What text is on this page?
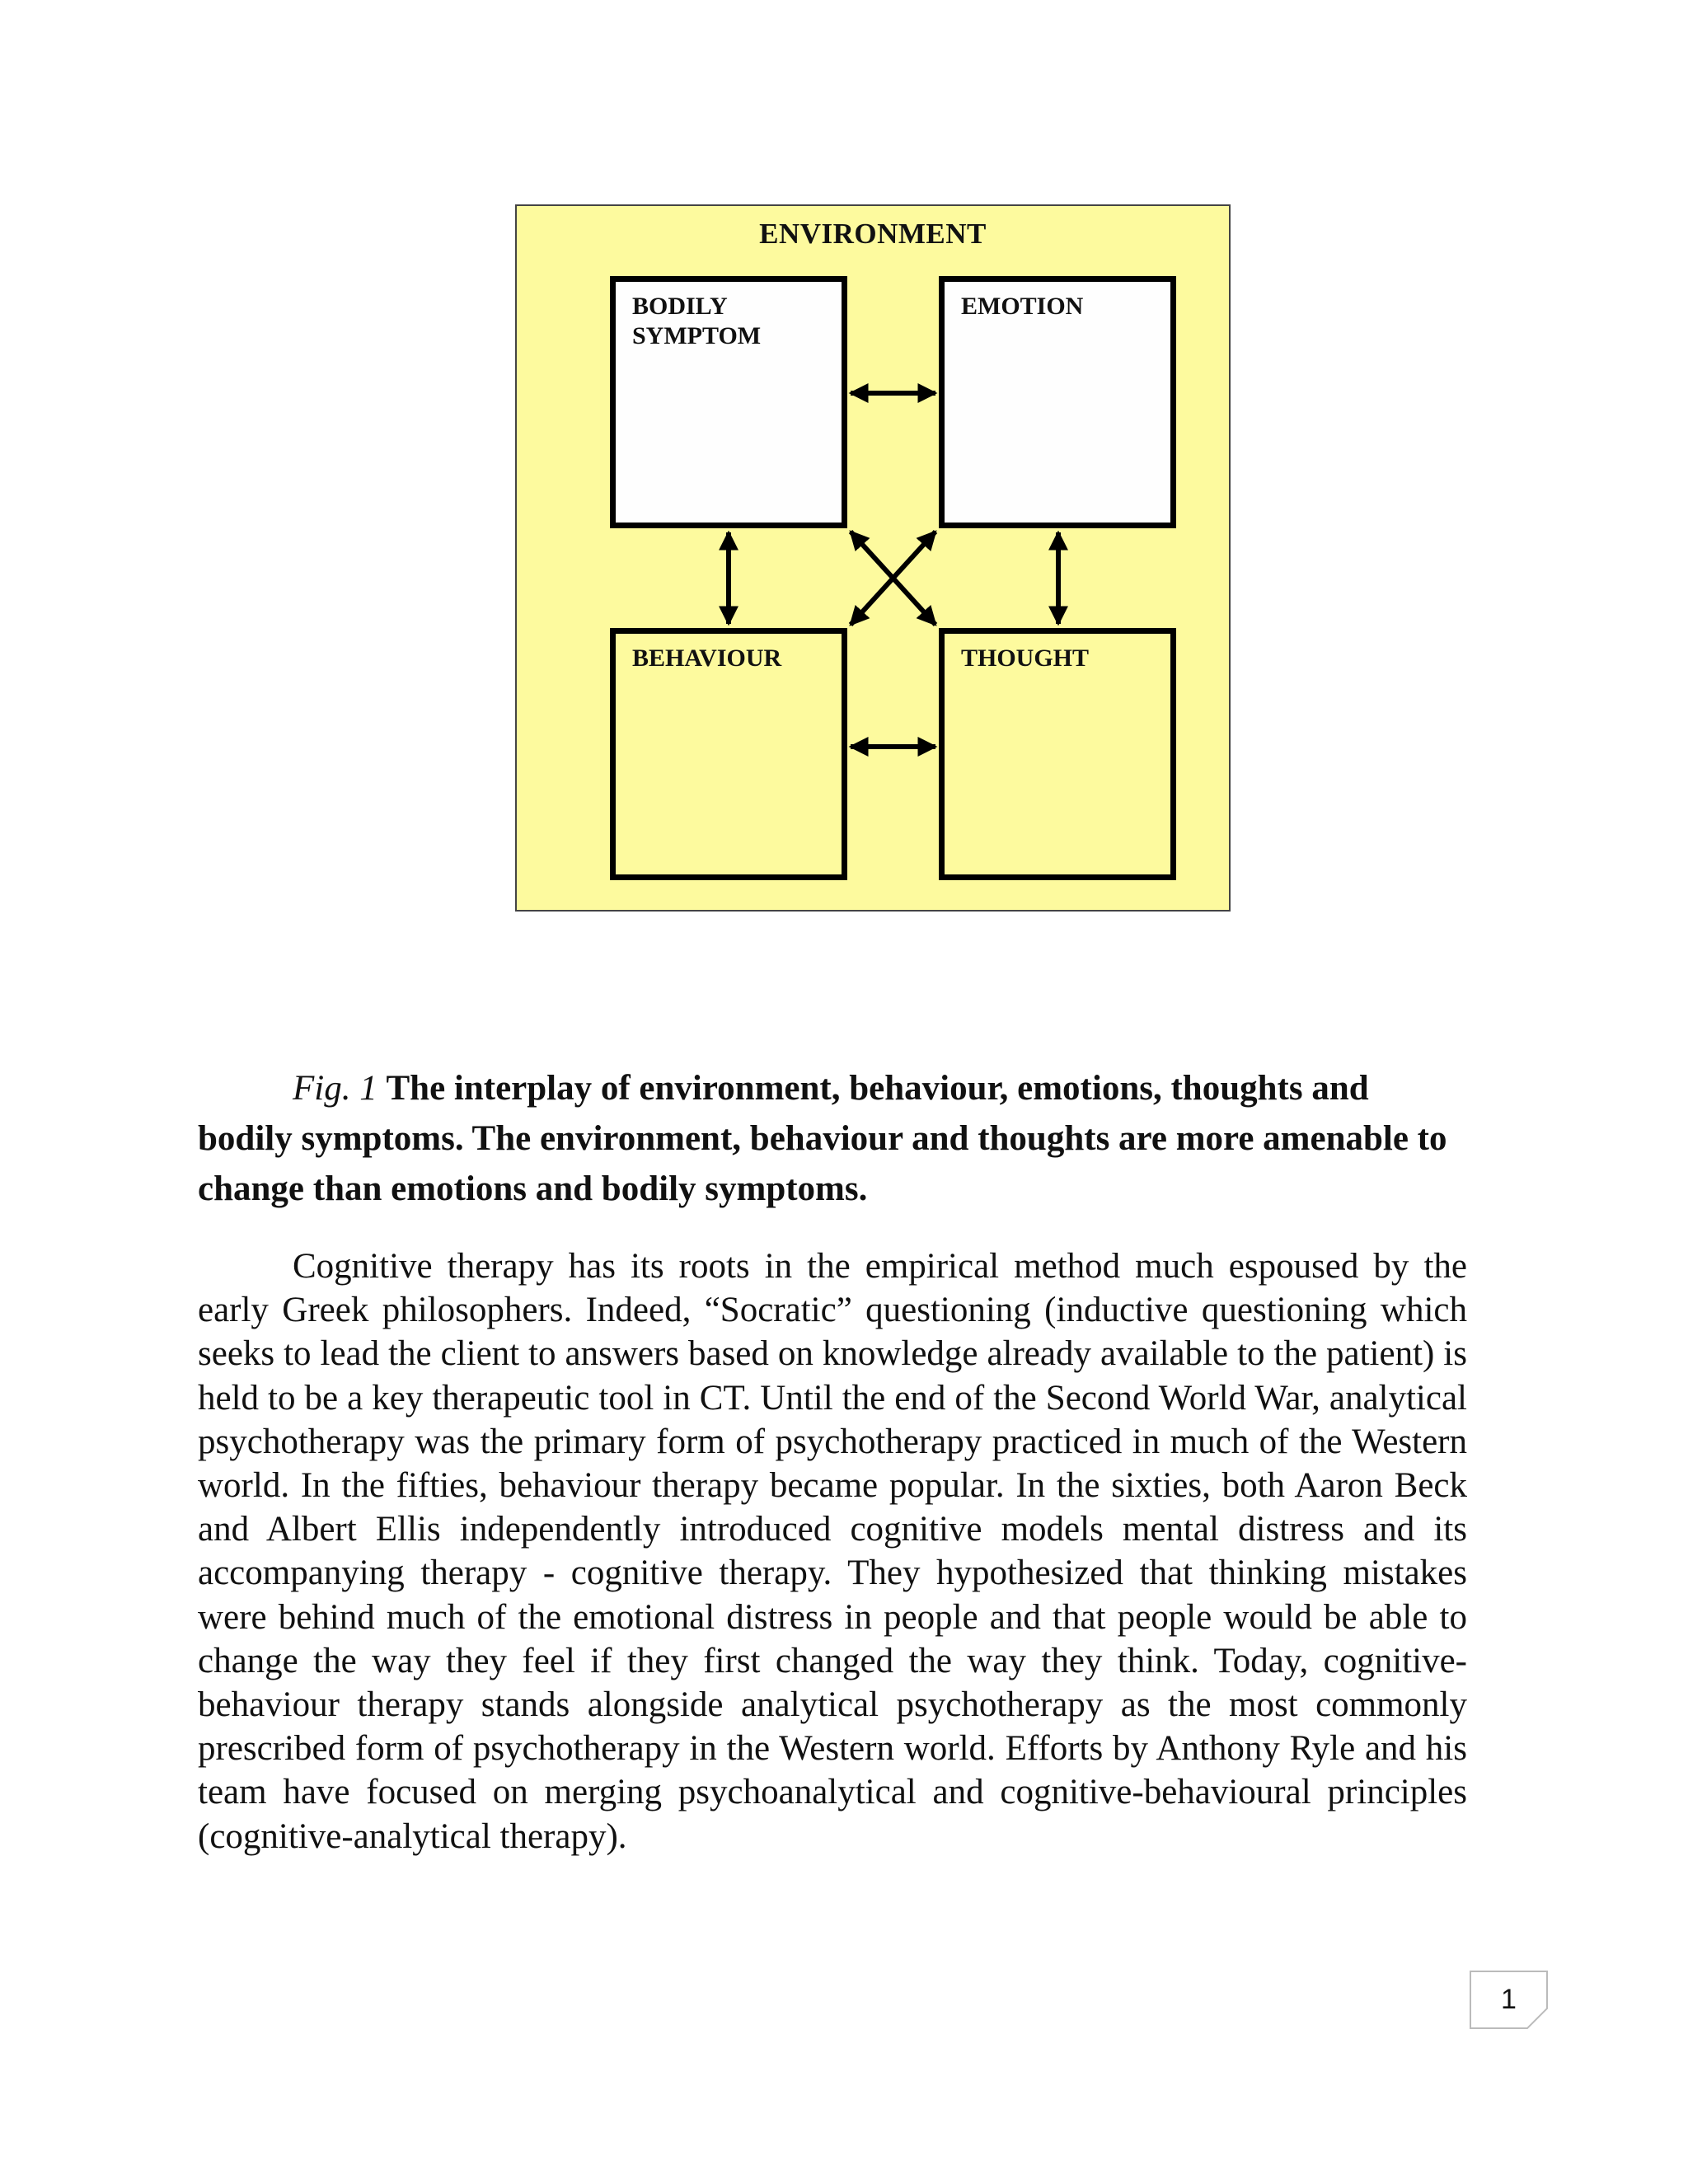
ENVIRONMENT
BODILY
SYMPTOM
EMOTION
BEHAVIOUR	THOUGHT
Fig. 1 The interplay of environment, behaviour, emotions, thoughts and bodily symptoms. The environment, behaviour and thoughts are more amenable to change than emotions and bodily symptoms.
Cognitive therapy has its roots in the empirical method much espoused by the early Greek philosophers. Indeed, “Socratic” questioning (inductive questioning which seeks to lead the client to answers based on knowledge already available to the patient) is held to be a key therapeutic tool in CT. Until the end of the Second World War, analytical psychotherapy was the primary form of psychotherapy practiced in much of the Western world. In the fifties, behaviour therapy became popular. In the sixties, both Aaron Beck and Albert Ellis independently introduced cognitive models mental distress and its accompanying therapy - cognitive therapy. They hypothesized that thinking mistakes were behind much of the emotional distress in people and that people would be able to change the way they feel if they first changed the way they think. Today, cognitive-behaviour therapy stands alongside analytical psychotherapy as the most commonly prescribed form of psychotherapy in the Western world. Efforts by Anthony Ryle and his team have focused on merging psychoanalytical and cognitive-behavioural principles (cognitive-analytical therapy).
1
